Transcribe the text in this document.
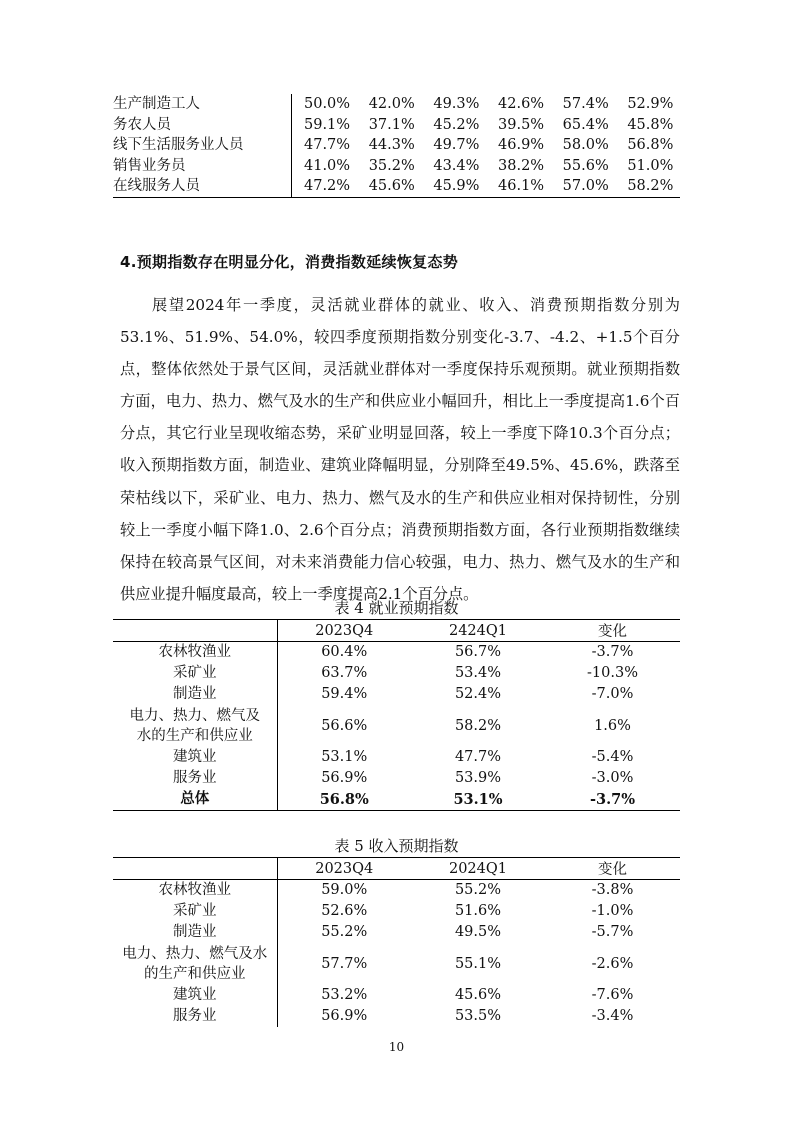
生产制造工人	50.0%	42.0%	49.3%	42.6%	57.4%	52.9%
务农人员	59.1%	37.1%	45.2%	39.5%	65.4%	45.8%
线下生活服务业人员	47.7%	44.3%	49.7%	46.9%	58.0%	56.8%
销售业务员	41.0%	35.2%	43.4%	38.2%	55.6%	51.0%
在线服务人员	47.2%	45.6%	45.9%	46.1%	57.0%	58.2%
4.预期指数存在明显分化，消费指数延续恢复态势

展望2024年一季度，灵活就业群体的就业、收入、消费预期指数分别为53.1%、51.9%、54.0%，较四季度预期指数分别变化-3.7、-4.2、+1.5个百分点，整体依然处于景气区间，灵活就业群体对一季度保持乐观预期。就业预期指数方面，电力、热力、燃气及水的生产和供应业小幅回升，相比上一季度提高1.6个百分点，其它行业呈现收缩态势，采矿业明显回落，较上一季度下降10.3个百分点；收入预期指数方面，制造业、建筑业降幅明显，分别降至49.5%、45.6%，跌落至荣枯线以下，采矿业、电力、热力、燃气及水的生产和供应业相对保持韧性，分别较上一季度小幅下降1.0、2.6个百分点；消费预期指数方面，各行业预期指数继续保持在较高景气区间，对未来消费能力信心较强，电力、热力、燃气及水的生产和供应业提升幅度最高，较上一季度提高2.1个百分点。

表 4 就业预期指数
	2023Q4	2424Q1	变化
农林牧渔业	60.4%	56.7%	-3.7%
采矿业	63.7%	53.4%	-10.3%
制造业	59.4%	52.4%	-7.0%

电力、热力、燃气及水的生产和供应业	56.6%	58.2%	1.6%
建筑业	53.1%	47.7%	-5.4%
服务业	56.9%	53.9%	-3.0%
总体	56.8%	53.1%	-3.7%
表 5 收入预期指数
	2023Q4	2024Q1	变化
农林牧渔业	59.0%	55.2%	-3.8%
采矿业	52.6%	51.6%	-1.0%
制造业	55.2%	49.5%	-5.7%

电力、热力、燃气及水的生产和供应业	57.7%	55.1%	-2.6%
建筑业	53.2%	45.6%	-7.6%
服务业	56.9%	53.5%	-3.4%
10
